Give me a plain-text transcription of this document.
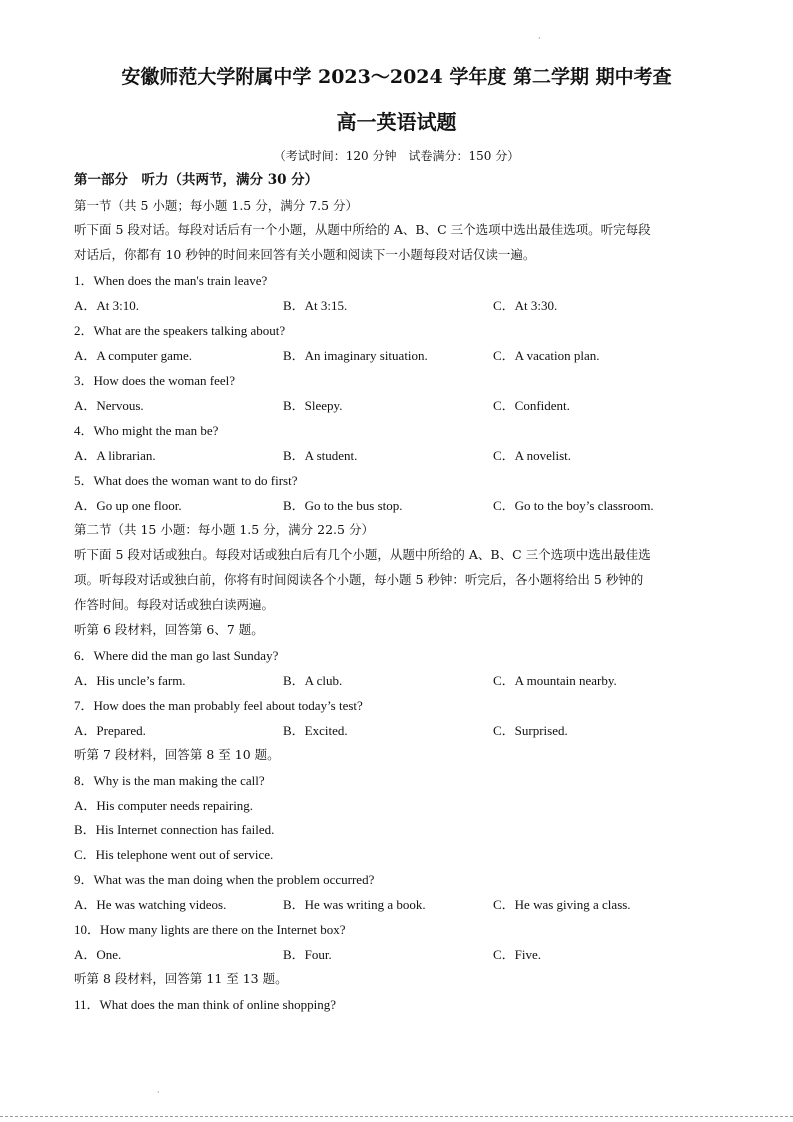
·
安徽师范大学附属中学 2023～2024 学年度 第二学期 期中考查
高一英语试题
（考试时间：120 分钟　试卷满分：150 分）
第一部分　听力（共两节，满分 30 分）
第一节（共 5 小题；每小题 1.5 分，满分 7.5 分）
听下面 5 段对话。每段对话后有一个小题，从题中所给的 A、B、C 三个选项中选出最佳选项。听完每段
对话后，你都有 10 秒钟的时间来回答有关小题和阅读下一小题每段对话仅读一遍。
1．When does the man's train leave?
A．At 3:10.	B．At 3:15.	C．At 3:30.
2．What are the speakers talking about?
A．A computer game.	B．An imaginary situation.	C．A vacation plan.
3．How does the woman feel?
A．Nervous.	B．Sleepy.	C．Confident.
4．Who might the man be?
A．A librarian.	B．A student.	C．A novelist.
5．What does the woman want to do first?
A．Go up one floor.	B．Go to the bus stop.	C．Go to the boy’s classroom.
第二节（共 15 小题：每小题 1.5 分，满分 22.5 分）
听下面 5 段对话或独白。每段对话或独白后有几个小题，从题中所给的 A、B、C 三个选项中选出最佳选
项。听每段对话或独白前，你将有时间阅读各个小题，每小题 5 秒钟：听完后，各小题将给出 5 秒钟的
作答时间。每段对话或独白读两遍。
听第 6 段材料，回答第 6、7 题。
6．Where did the man go last Sunday?
A．His uncle’s farm.	B．A club.	C．A mountain nearby.
7．How does the man probably feel about today’s test?
A．Prepared.	B．Excited.	C．Surprised.
听第 7 段材料，回答第 8 至 10 题。
8．Why is the man making the call?
A．His computer needs repairing.
B．His Internet connection has failed.
C．His telephone went out of service.
9．What was the man doing when the problem occurred?
A．He was watching videos.	B．He was writing a book.	C．He was giving a class.
10．How many lights are there on the Internet box?
A．One.	B．Four.	C．Five.
听第 8 段材料，回答第 11 至 13 题。
11．What does the man think of online shopping?
·
